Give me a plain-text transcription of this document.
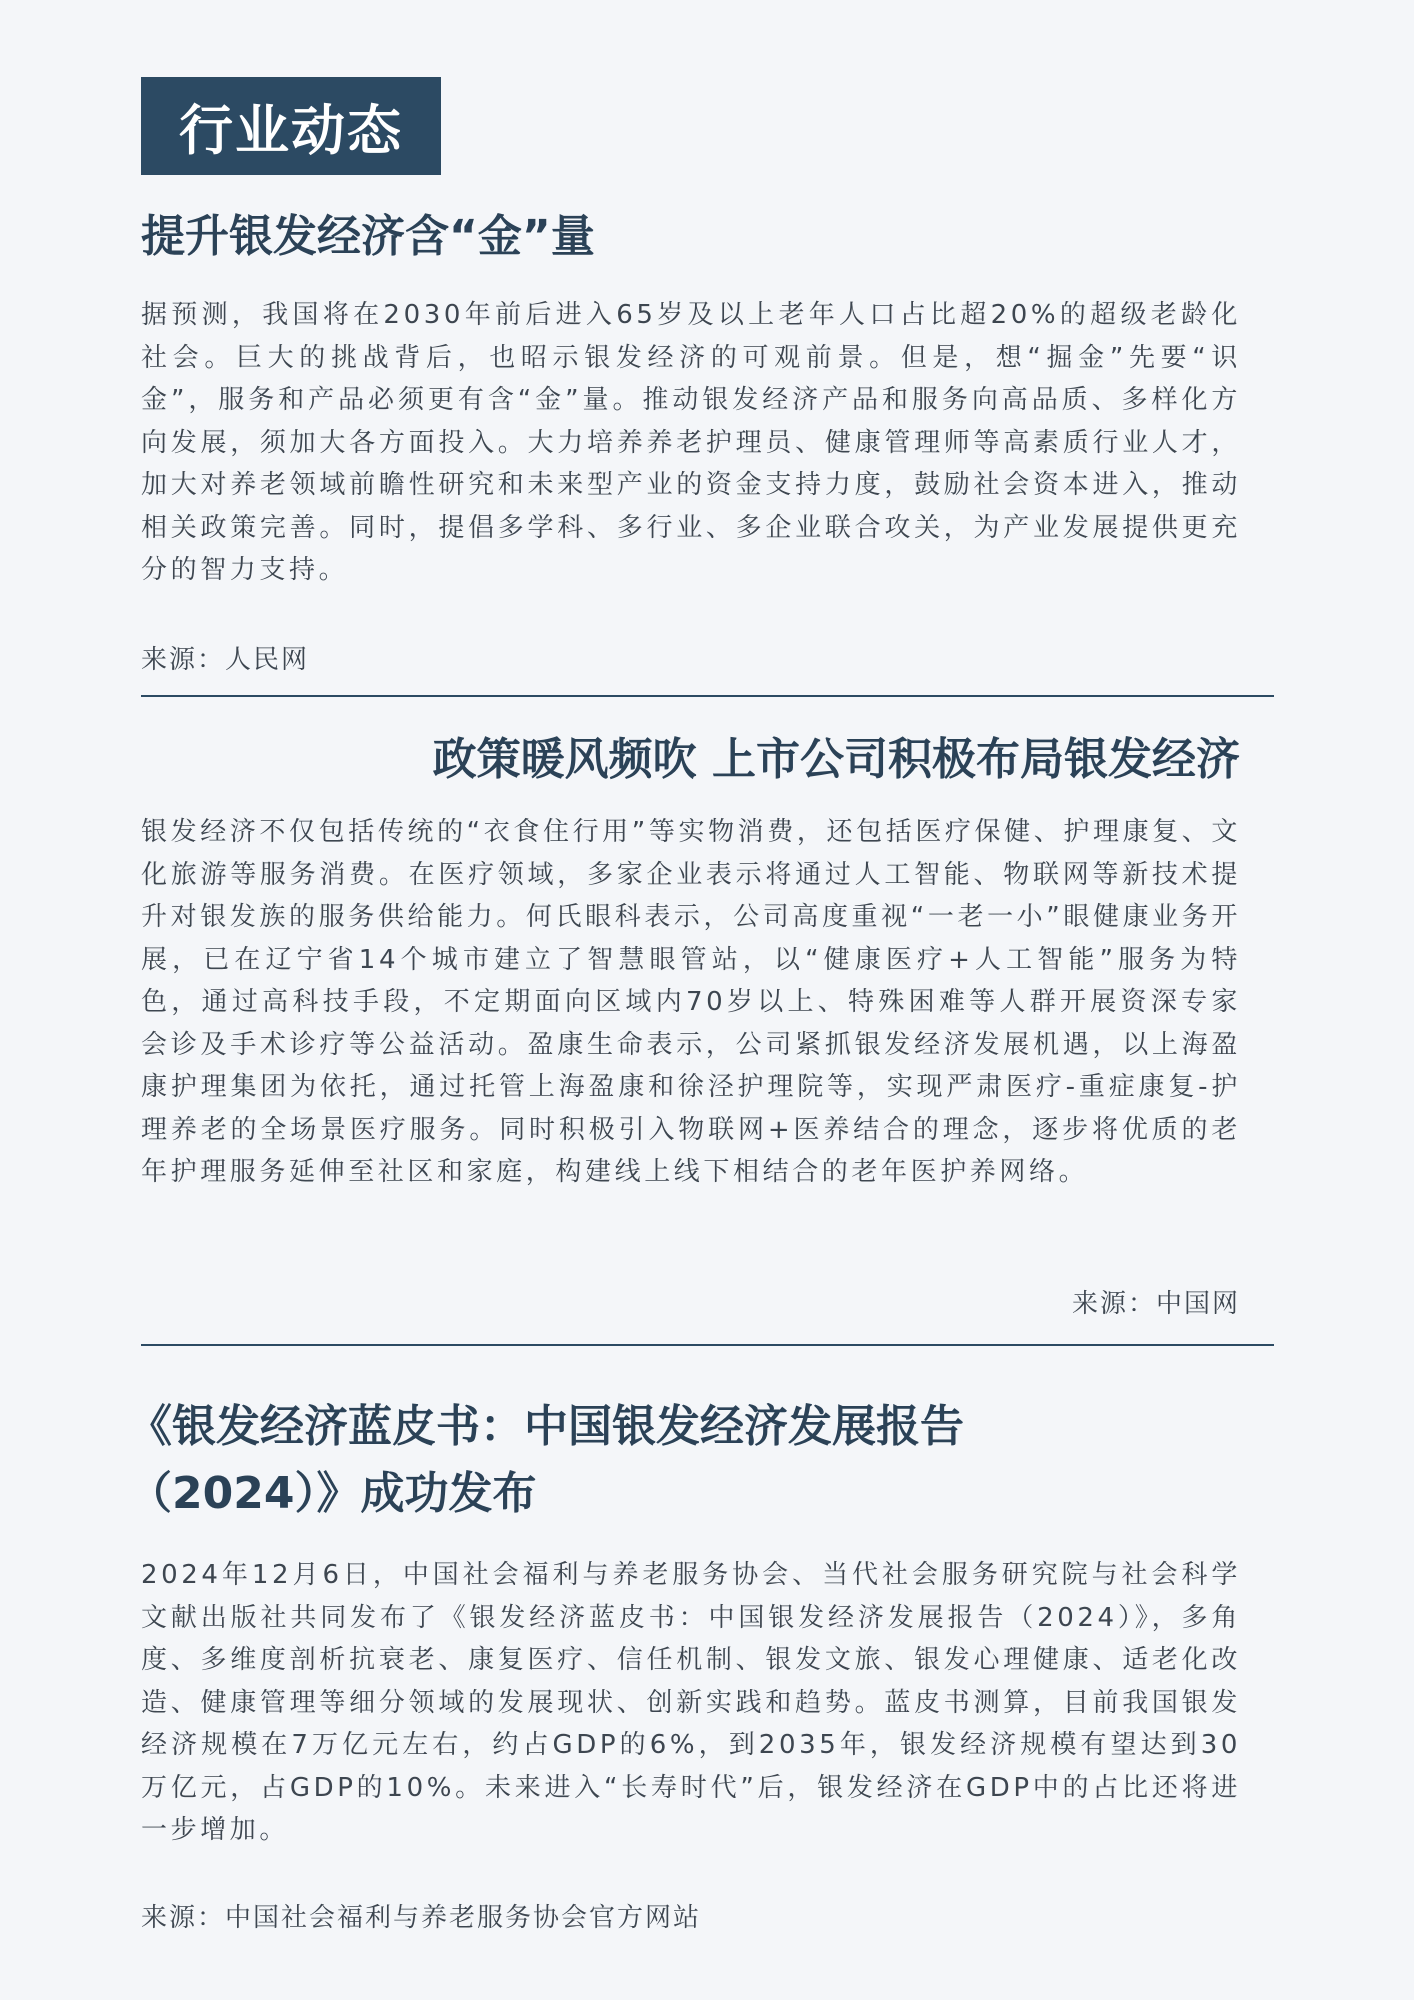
行业动态
提升银发经济含“金”量

据预测，我国将在2030年前后进入65岁及以上老年人口占比超20%的超级老龄化社会。巨大的挑战背后，也昭示银发经济的可观前景。但是，想“掘金”先要“识金”，服务和产品必须更有含“金”量。推动银发经济产品和服务向高品质、多样化方向发展，须加大各方面投入。大力培养养老护理员、健康管理师等高素质行业人才，加大对养老领域前瞻性研究和未来型产业的资金支持力度，鼓励社会资本进入，推动相关政策完善。同时，提倡多学科、多行业、多企业联合攻关，为产业发展提供更充分的智力支持。

来源：人民网
政策暖风频吹 上市公司积极布局银发经济

银发经济不仅包括传统的“衣食住行用”等实物消费，还包括医疗保健、护理康复、文化旅游等服务消费。在医疗领域，多家企业表示将通过人工智能、物联网等新技术提升对银发族的服务供给能力。何氏眼科表示，公司高度重视“一老一小”眼健康业务开展，已在辽宁省14个城市建立了智慧眼管站，以“健康医疗+人工智能”服务为特色，通过高科技手段，不定期面向区域内70岁以上、特殊困难等人群开展资深专家会诊及手术诊疗等公益活动。盈康生命表示，公司紧抓银发经济发展机遇，以上海盈康护理集团为依托，通过托管上海盈康和徐泾护理院等，实现严肃医疗-重症康复-护理养老的全场景医疗服务。同时积极引入物联网+医养结合的理念，逐步将优质的老年护理服务延伸至社区和家庭，构建线上线下相结合的老年医护养网络。

来源：中国网
《银发经济蓝皮书：中国银发经济发展报告
（2024）》成功发布

2024年12月6日，中国社会福利与养老服务协会、当代社会服务研究院与社会科学文献出版社共同发布了《银发经济蓝皮书：中国银发经济发展报告（2024）》，多角度、多维度剖析抗衰老、康复医疗、信任机制、银发文旅、银发心理健康、适老化改造、健康管理等细分领域的发展现状、创新实践和趋势。蓝皮书测算，目前我国银发经济规模在7万亿元左右，约占GDP的6%，到2035年，银发经济规模有望达到30万亿元，占GDP的10%。未来进入“长寿时代”后，银发经济在GDP中的占比还将进一步增加。

来源：中国社会福利与养老服务协会官方网站
